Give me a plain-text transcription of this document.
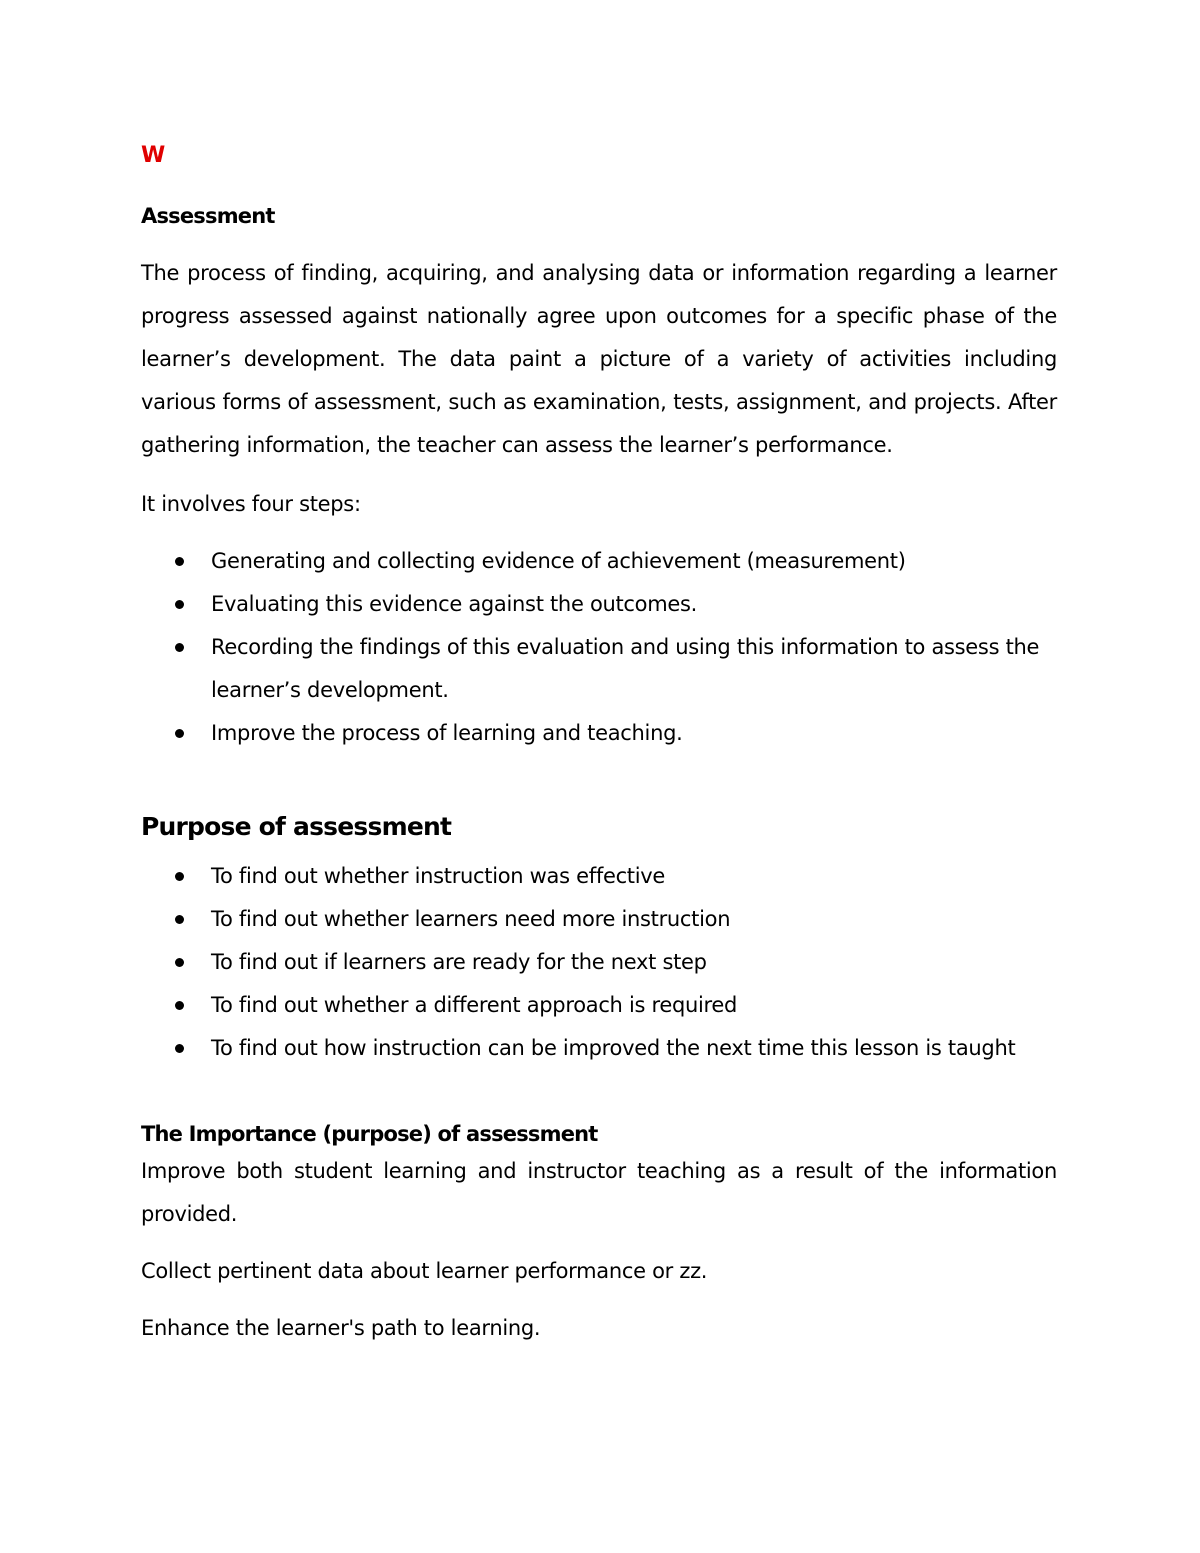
W

Assessment

The process of finding, acquiring, and analysing data or information regarding a learner progress assessed against nationally agree upon outcomes for a specific phase of the learner’s development. The data paint a picture of a variety of activities including various forms of assessment, such as examination, tests, assignment, and projects. After gathering information, the teacher can assess the learner’s performance.

It involves four steps:

Generating and collecting evidence of achievement (measurement)
Evaluating this evidence against the outcomes.
Recording the findings of this evaluation and using this information to assess the learner’s development.
Improve the process of learning and teaching.

Purpose of assessment

To find out whether instruction was effective
To find out whether learners need more instruction
To find out if learners are ready for the next step
To find out whether a different approach is required
To find out how instruction can be improved the next time this lesson is taught

The Importance (purpose) of assessment

Improve both student learning and instructor teaching as a result of the information provided.

Collect pertinent data about learner performance or zz.

Enhance the learner's path to learning.
